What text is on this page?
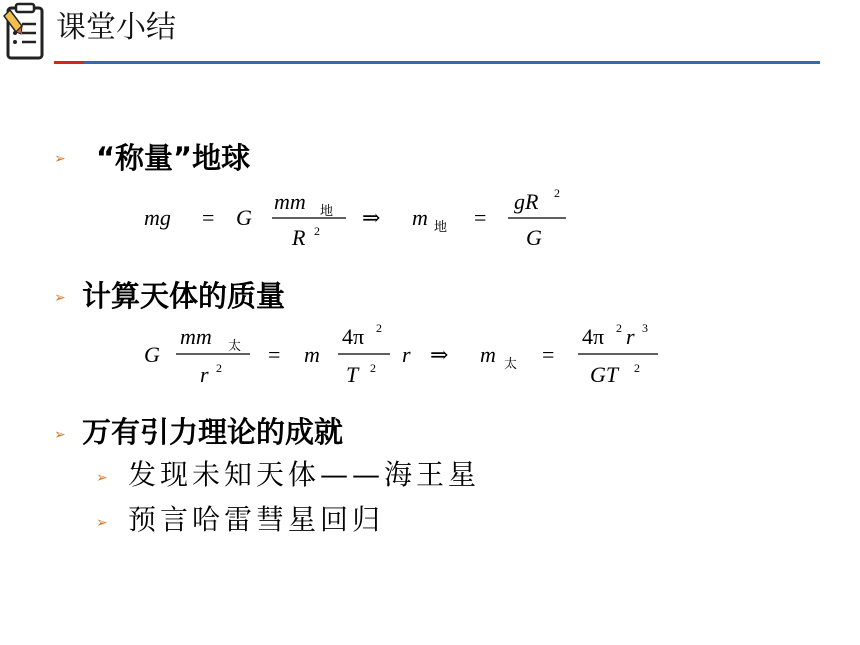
课堂小结
➢ “称量”地球
mg = G
mm 地
R 2
⇒ m 地 =
gR 2
G
➢ 计算天体的质量
G
mm 太
r 2
= m
4π 2
T 2
r ⇒ m 太 =
4π 2 r 3
GT 2
➢ 万有引力理论的成就
➢ 发现未知天体——海王星
➢ 预言哈雷彗星回归
